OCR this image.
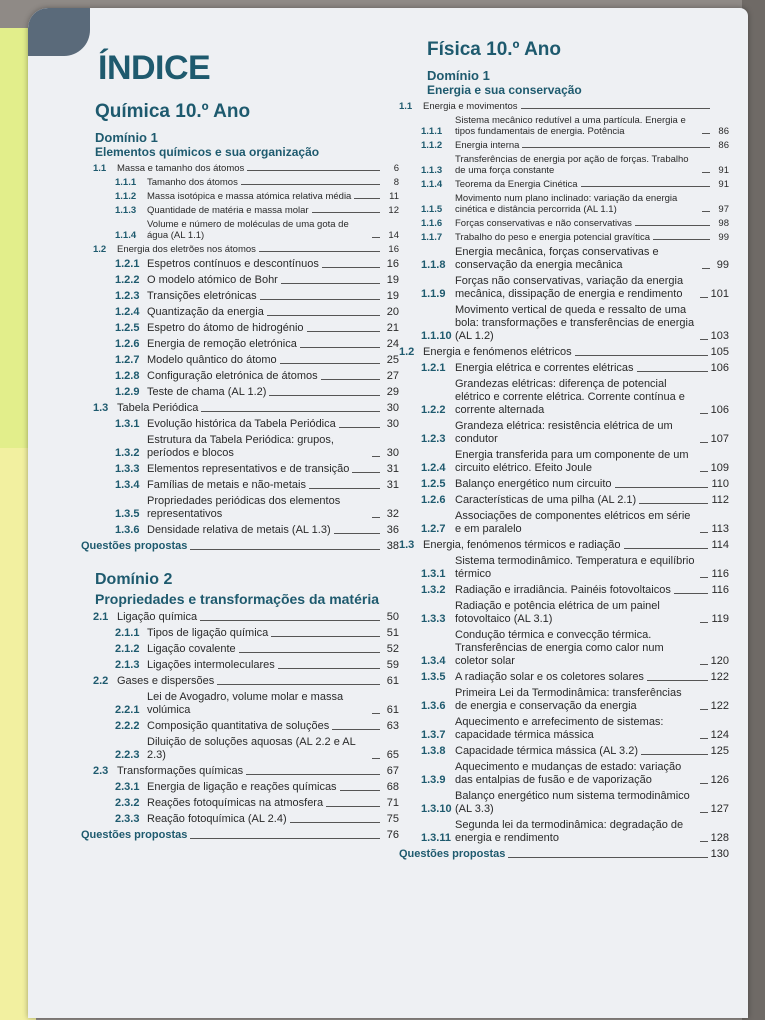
ÍNDICE
Química 10.º Ano
Domínio 1
Elementos químicos e sua organização
1.1	Massa e tamanho dos átomos	6
1.1.1	Tamanho dos átomos	8
1.1.2	Massa isotópica e massa atómica relativa média	11
1.1.3	Quantidade de matéria e massa molar	12
1.1.4
Volume e número de moléculas de uma gota de água (AL 1.1)	14
1.2	Energia dos eletrões nos átomos	16
1.2.1 Espetros contínuos e descontínuos	16
1.2.2 O modelo atómico de Bohr	19
1.2.3 Transições eletrónicas	19
1.2.4 Quantização da energia	20
1.2.5 Espetro do átomo de hidrogénio	21
1.2.6 Energia de remoção eletrónica	24
1.2.7 Modelo quântico do átomo	25
1.2.8 Configuração eletrónica de átomos	27
1.2.9 Teste de chama (AL 1.2)	29
1.3 Tabela Periódica	30
1.3.1 Evolução histórica da Tabela Periódica	30
1.3.2
Estrutura da Tabela Periódica: grupos, períodos e blocos	30
1.3.3 Elementos representativos e de transição	31
1.3.4 Famílias de metais e não-metais	31
1.3.5
Propriedades periódicas dos elementos representativos	32
1.3.6 Densidade relativa de metais (AL 1.3)	36
Questões propostas	38
Domínio 2
Propriedades e transformações da matéria
2.1 Ligação química	50
2.1.1 Tipos de ligação química	51
2.1.2 Ligação covalente	52
2.1.3 Ligações intermoleculares	59
2.2 Gases e dispersões	61
2.2.1
Lei de Avogadro, volume molar e massa volúmica	61
2.2.2 Composição quantitativa de soluções	63
2.2.3
Diluição de soluções aquosas (AL 2.2 e AL 2.3)	65
2.3 Transformações químicas	67
2.3.1 Energia de ligação e reações químicas	68
2.3.2 Reações fotoquímicas na atmosfera	71
2.3.3 Reação fotoquímica (AL 2.4)	75
Questões propostas	76
Física 10.º Ano
Domínio 1
Energia e sua conservação
1.1	Energia e movimentos
1.1.1
Sistema mecânico redutível a uma partícula. Energia e tipos fundamentais de energia. Potência	86
1.1.2	Energia interna	86
1.1.3
Transferências de energia por ação de forças. Trabalho de uma força constante	91
1.1.4	Teorema da Energia Cinética	91
1.1.5
Movimento num plano inclinado: variação da energia cinética e distância percorrida (AL 1.1)	97
1.1.6	Forças conservativas e não conservativas	98
1.1.7	Trabalho do peso e energia potencial gravítica	99
1.1.8
Energia mecânica, forças conservativas e conservação da energia mecânica	99
1.1.9
Forças não conservativas, variação da energia mecânica, dissipação de energia e rendimento	101
1.1.10
Movimento vertical de queda e ressalto de uma bola: transformações e transferências de energia (AL 1.2)	103
1.2 Energia e fenómenos elétricos	105
1.2.1 Energia elétrica e correntes elétricas	106
1.2.2
Grandezas elétricas: diferença de potencial elétrico e corrente elétrica. Corrente contínua e corrente alternada	106
1.2.3
Grandeza elétrica: resistência elétrica de um condutor	107
1.2.4
Energia transferida para um componente de um circuito elétrico. Efeito Joule	109
1.2.5 Balanço energético num circuito	110
1.2.6 Características de uma pilha (AL 2.1)	112
1.2.7
Associações de componentes elétricos em série e em paralelo	113
1.3 Energia, fenómenos térmicos e radiação	114
1.3.1
Sistema termodinâmico. Temperatura e equilíbrio térmico	116
1.3.2 Radiação e irradiância. Painéis fotovoltaicos	116
1.3.3
Radiação e potência elétrica de um painel fotovoltaico (AL 3.1)	119
1.3.4
Condução térmica e convecção térmica. Transferências de energia como calor num coletor solar	120
1.3.5 A radiação solar e os coletores solares	122
1.3.6
Primeira Lei da Termodinâmica: transferências de energia e conservação da energia	122
1.3.7
Aquecimento e arrefecimento de sistemas: capacidade térmica mássica	124
1.3.8 Capacidade térmica mássica (AL 3.2)	125
1.3.9
Aquecimento e mudanças de estado: variação das entalpias de fusão e de vaporização	126
1.3.10
Balanço energético num sistema termodinâmico (AL 3.3)	127
1.3.11
Segunda lei da termodinâmica: degradação de energia e rendimento	128
Questões propostas	130
